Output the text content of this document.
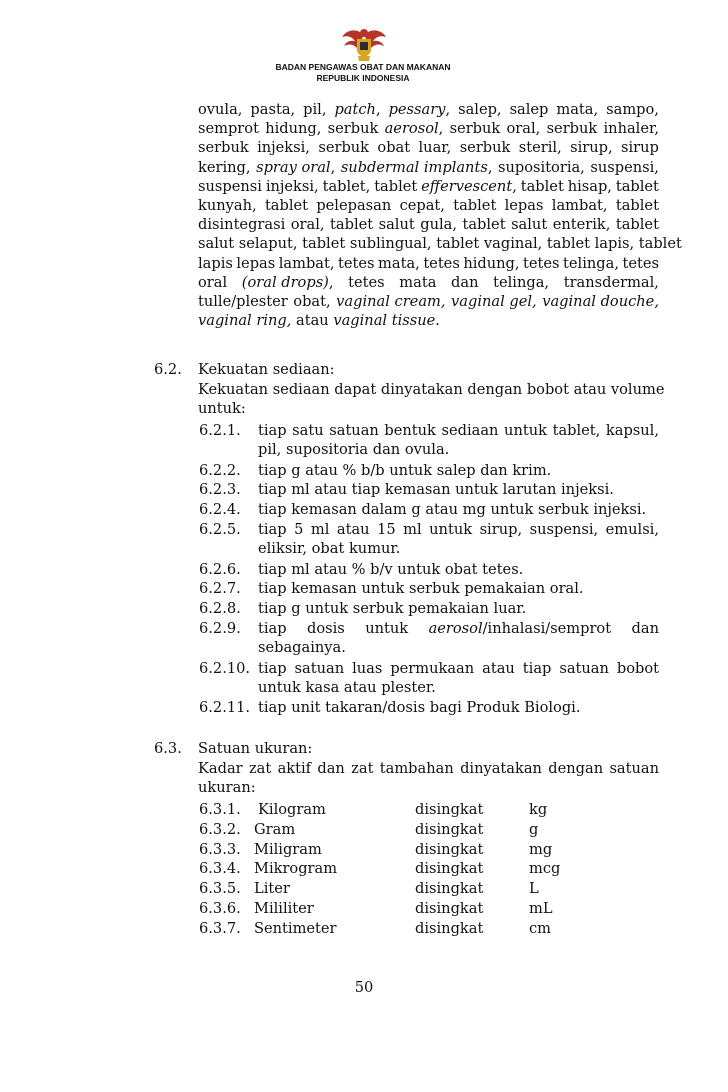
BADAN PENGAWAS OBAT DAN MAKANAN
REPUBLIK INDONESIA
ovula, pasta, pil, patch, pessary, salep, salep mata, sampo,
semprot hidung, serbuk aerosol, serbuk oral, serbuk inhaler,
serbuk injeksi, serbuk obat luar, serbuk steril, sirup, sirup
kering, spray oral, subdermal implants, supositoria, suspensi,
suspensi injeksi, tablet, tablet effervescent, tablet hisap, tablet
kunyah, tablet pelepasan cepat, tablet lepas lambat, tablet
disintegrasi oral, tablet salut gula, tablet salut enterik, tablet
salut selaput, tablet sublingual, tablet vaginal, tablet lapis, tablet
lapis lepas lambat, tetes mata, tetes hidung, tetes telinga, tetes
oral (oral drops), tetes mata dan telinga, transdermal,
tulle/plester obat, vaginal cream, vaginal gel, vaginal douche,
vaginal ring, atau vaginal tissue.
6.2. Kekuatan sediaan:
Kekuatan sediaan dapat dinyatakan dengan bobot atau volume
untuk:
6.2.1. tiap satu satuan bentuk sediaan untuk tablet, kapsul,
pil, supositoria dan ovula.
6.2.2. tiap g atau % b/b untuk salep dan krim.
6.2.3. tiap ml atau tiap kemasan untuk larutan injeksi.
6.2.4. tiap kemasan dalam g atau mg untuk serbuk injeksi.
6.2.5. tiap 5 ml atau 15 ml untuk sirup, suspensi, emulsi,
eliksir, obat kumur.
6.2.6. tiap ml atau % b/v untuk obat tetes.
6.2.7. tiap kemasan untuk serbuk pemakaian oral.
6.2.8. tiap g untuk serbuk pemakaian luar.
6.2.9. tiap dosis untuk aerosol/inhalasi/semprot dan
sebagainya.
6.2.10. tiap satuan luas permukaan atau tiap satuan bobot
untuk kasa atau plester.
6.2.11. tiap unit takaran/dosis bagi Produk Biologi.
6.3. Satuan ukuran:
Kadar zat aktif dan zat tambahan dinyatakan dengan satuan
ukuran:
6.3.1. Kilogram	disingkat	kg
6.3.2. Gram	disingkat	g
6.3.3. Miligram	disingkat	mg
6.3.4. Mikrogram	disingkat	mcg
6.3.5. Liter	disingkat	L
6.3.6. Mililiter	disingkat	mL
6.3.7. Sentimeter	disingkat	cm
50
